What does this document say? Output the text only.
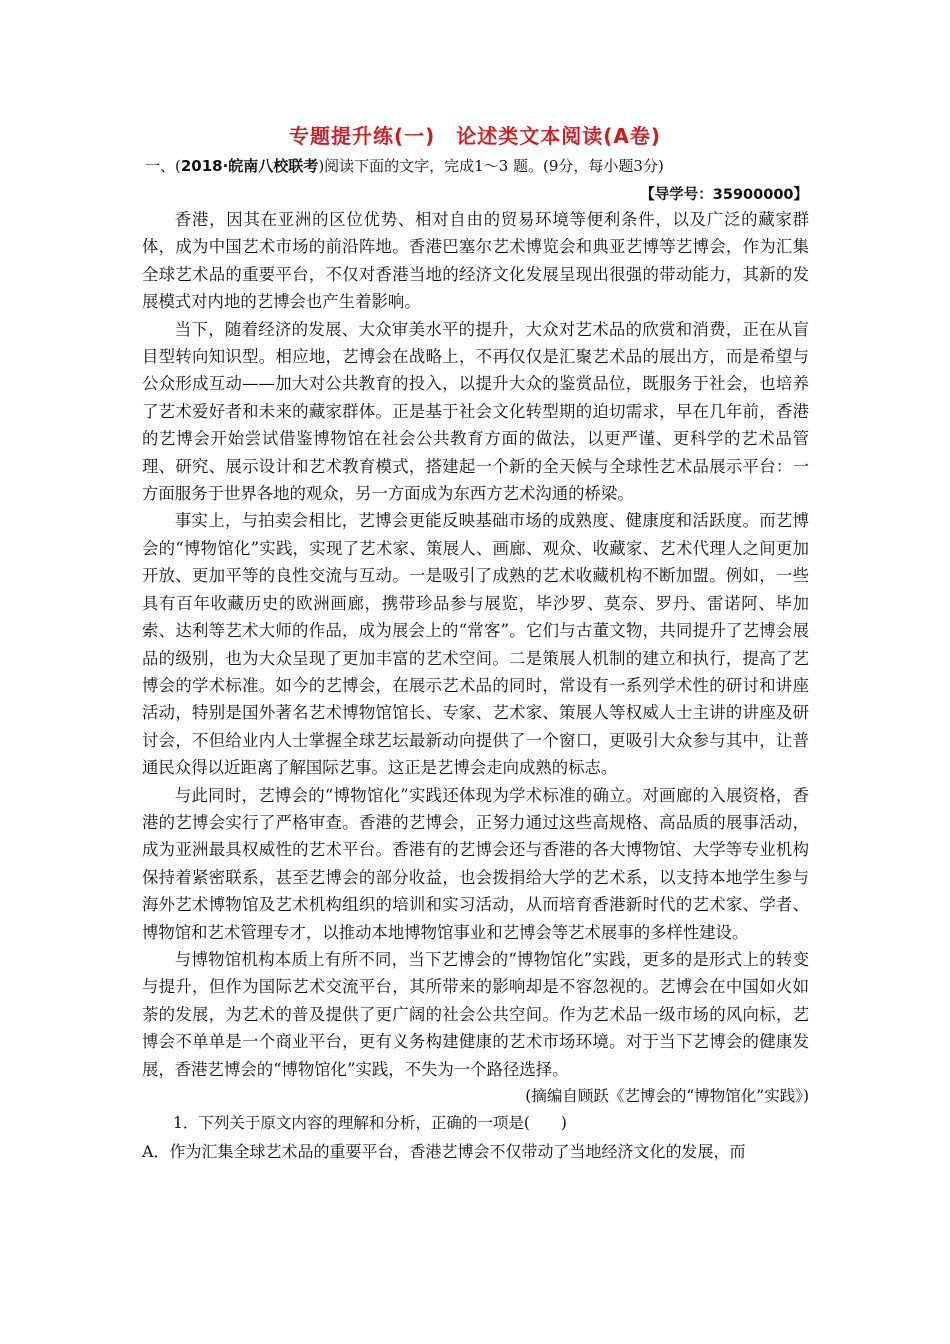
专题提升练(一)　论述类文本阅读(A卷)
一、(2018·皖南八校联考)阅读下面的文字，完成1～3 题。(9分，每小题3分)
【导学号：35900000】

香港，因其在亚洲的区位优势、相对自由的贸易环境等便利条件，以及广泛的藏家群体，成为中国艺术市场的前沿阵地。香港巴塞尔艺术博览会和典亚艺博等艺博会，作为汇集全球艺术品的重要平台，不仅对香港当地的经济文化发展呈现出很强的带动能力，其新的发展模式对内地的艺博会也产生着影响。

当下，随着经济的发展、大众审美水平的提升，大众对艺术品的欣赏和消费，正在从盲目型转向知识型。相应地，艺博会在战略上，不再仅仅是汇聚艺术品的展出方，而是希望与公众形成互动——加大对公共教育的投入，以提升大众的鉴赏品位，既服务于社会，也培养了艺术爱好者和未来的藏家群体。正是基于社会文化转型期的迫切需求，早在几年前，香港的艺博会开始尝试借鉴博物馆在社会公共教育方面的做法，以更严谨、更科学的艺术品管理、研究、展示设计和艺术教育模式，搭建起一个新的全天候与全球性艺术品展示平台：一方面服务于世界各地的观众，另一方面成为东西方艺术沟通的桥梁。

事实上，与拍卖会相比，艺博会更能反映基础市场的成熟度、健康度和活跃度。而艺博会的“博物馆化”实践，实现了艺术家、策展人、画廊、观众、收藏家、艺术代理人之间更加开放、更加平等的良性交流与互动。一是吸引了成熟的艺术收藏机构不断加盟。例如，一些具有百年收藏历史的欧洲画廊，携带珍品参与展览，毕沙罗、莫奈、罗丹、雷诺阿、毕加索、达利等艺术大师的作品，成为展会上的“常客”。它们与古董文物，共同提升了艺博会展品的级别，也为大众呈现了更加丰富的艺术空间。二是策展人机制的建立和执行，提高了艺博会的学术标准。如今的艺博会，在展示艺术品的同时，常设有一系列学术性的研讨和讲座活动，特别是国外著名艺术博物馆馆长、专家、艺术家、策展人等权威人士主讲的讲座及研讨会，不但给业内人士掌握全球艺坛最新动向提供了一个窗口，更吸引大众参与其中，让普通民众得以近距离了解国际艺事。这正是艺博会走向成熟的标志。

与此同时，艺博会的“博物馆化”实践还体现为学术标准的确立。对画廊的入展资格，香港的艺博会实行了严格审查。香港的艺博会，正努力通过这些高规格、高品质的展事活动，成为亚洲最具权威性的艺术平台。香港有的艺博会还与香港的各大博物馆、大学等专业机构保持着紧密联系，甚至艺博会的部分收益，也会拨捐给大学的艺术系，以支持本地学生参与海外艺术博物馆及艺术机构组织的培训和实习活动，从而培育香港新时代的艺术家、学者、博物馆和艺术管理专才，以推动本地博物馆事业和艺博会等艺术展事的多样性建设。

与博物馆机构本质上有所不同，当下艺博会的“博物馆化”实践，更多的是形式上的转变与提升，但作为国际艺术交流平台，其所带来的影响却是不容忽视的。艺博会在中国如火如荼的发展，为艺术的普及提供了更广阔的社会公共空间。作为艺术品一级市场的风向标，艺博会不单单是一个商业平台，更有义务构建健康的艺术市场环境。对于当下艺博会的健康发展，香港艺博会的“博物馆化”实践，不失为一个路径选择。

(摘编自顾跃《艺博会的“博物馆化”实践》)

1．下列关于原文内容的理解和分析，正确的一项是(　　)

A．作为汇集全球艺术品的重要平台，香港艺博会不仅带动了当地经济文化的发展，而
